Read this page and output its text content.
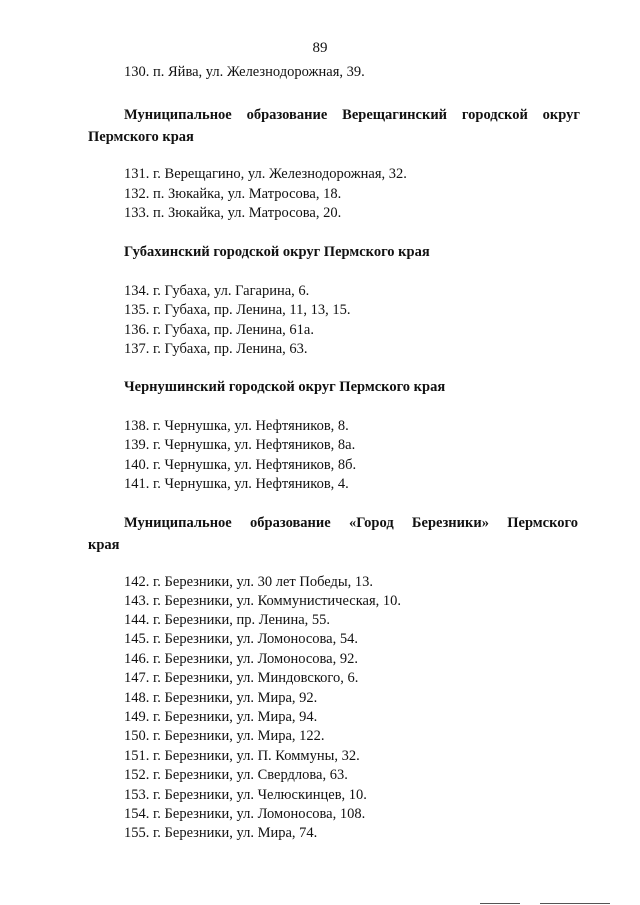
89
130. п. Яйва, ул. Железнодорожная, 39.
Муниципальное образование Верещагинский городской округ
Пермского края
131. г. Верещагино, ул. Железнодорожная, 32.
132. п. Зюкайка, ул. Матросова, 18.
133. п. Зюкайка, ул. Матросова, 20.
Губахинский городской округ Пермского края
134. г. Губаха, ул. Гагарина, 6.
135. г. Губаха, пр. Ленина, 11, 13, 15.
136. г. Губаха, пр. Ленина, 61а.
137. г. Губаха, пр. Ленина, 63.
Чернушинский городской округ Пермского края
138. г. Чернушка, ул. Нефтяников, 8.
139. г. Чернушка, ул. Нефтяников, 8а.
140. г. Чернушка, ул. Нефтяников, 8б.
141. г. Чернушка, ул. Нефтяников, 4.
Муниципальное образование «Город Березники» Пермского
края
142. г. Березники, ул. 30 лет Победы, 13.
143. г. Березники, ул. Коммунистическая, 10.
144. г. Березники, пр. Ленина, 55.
145. г. Березники, ул. Ломоносова, 54.
146. г. Березники, ул. Ломоносова, 92.
147. г. Березники, ул. Миндовского, 6.
148. г. Березники, ул. Мира, 92.
149. г. Березники, ул. Мира, 94.
150. г. Березники, ул. Мира, 122.
151. г. Березники, ул. П. Коммуны, 32.
152. г. Березники, ул. Свердлова, 63.
153. г. Березники, ул. Челюскинцев, 10.
154. г. Березники, ул. Ломоносова, 108.
155. г. Березники, ул. Мира, 74.
